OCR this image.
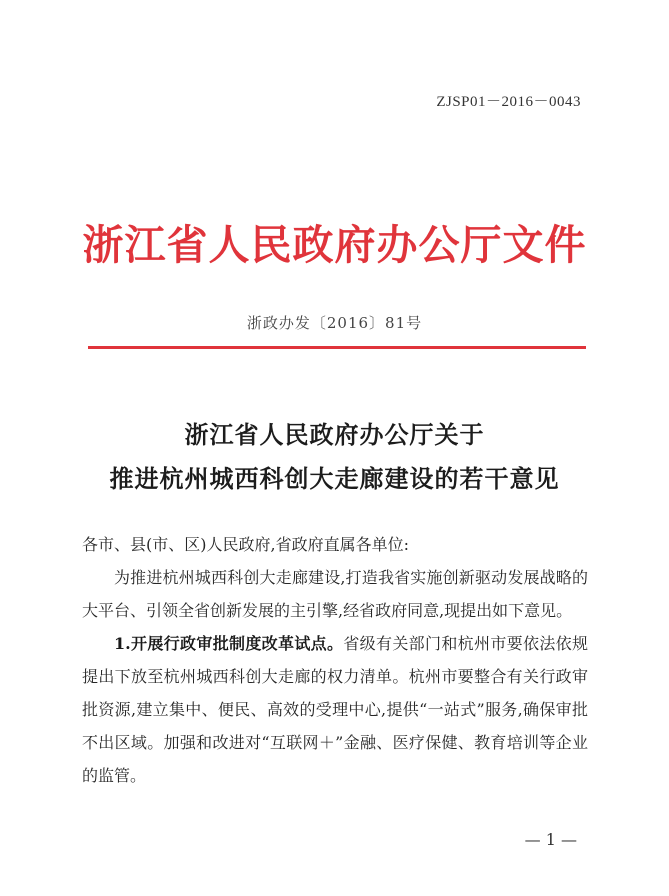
ZJSP01－2016－0043
浙江省人民政府办公厅文件
浙政办发〔2016〕81号
浙江省人民政府办公厅关于
推进杭州城西科创大走廊建设的若干意见

各市、县(市、区)人民政府,省政府直属各单位:

为推进杭州城西科创大走廊建设,打造我省实施创新驱动发展战略的大平台、引领全省创新发展的主引擎,经省政府同意,现提出如下意见。

1.开展行政审批制度改革试点。省级有关部门和杭州市要依法依规提出下放至杭州城西科创大走廊的权力清单。杭州市要整合有关行政审批资源,建立集中、便民、高效的受理中心,提供“一站式”服务,确保审批不出区域。加强和改进对“互联网＋”金融、医疗保健、教育培训等企业的监管。

— 1 —
